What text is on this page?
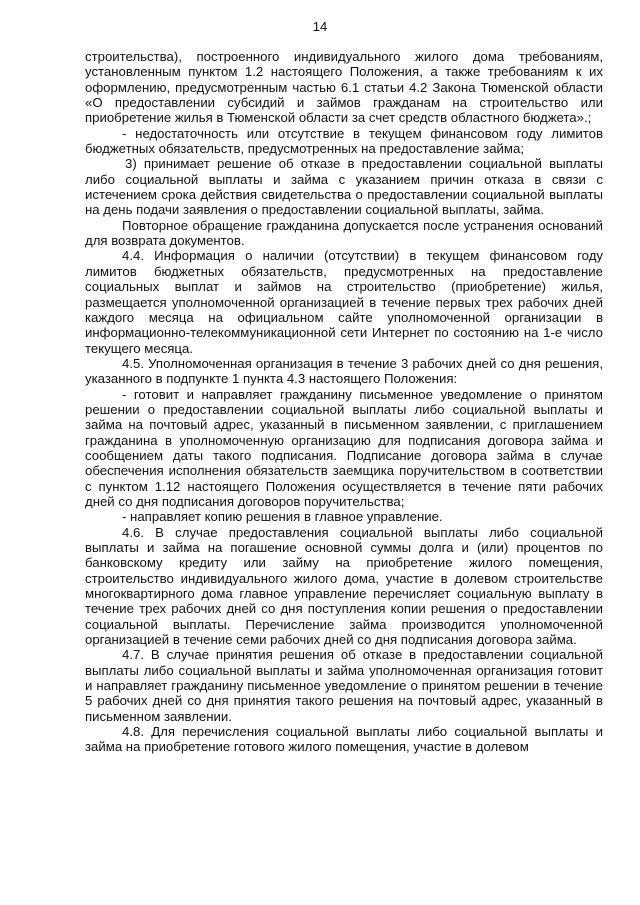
14

строительства), построенного индивидуального жилого дома требованиям, установленным пунктом 1.2 настоящего Положения, а также требованиям к их оформлению, предусмотренным частью 6.1 статьи 4.2 Закона Тюменской области «О предоставлении субсидий и займов гражданам на строительство или приобретение жилья в Тюменской области за счет средств областного бюджета».;

- недостаточность или отсутствие в текущем финансовом году лимитов бюджетных обязательств, предусмотренных на предоставление займа;

3) принимает решение об отказе в предоставлении социальной выплаты либо социальной выплаты и займа с указанием причин отказа в связи с истечением срока действия свидетельства о предоставлении социальной выплаты на день подачи заявления о предоставлении социальной выплаты, займа.

Повторное обращение гражданина допускается после устранения оснований для возврата документов.

4.4. Информация о наличии (отсутствии) в текущем финансовом году лимитов бюджетных обязательств, предусмотренных на предоставление социальных выплат и займов на строительство (приобретение) жилья, размещается уполномоченной организацией в течение первых трех рабочих дней каждого месяца на официальном сайте уполномоченной организации в информационно-телекоммуникационной сети Интернет по состоянию на 1-е число текущего месяца.

4.5. Уполномоченная организация в течение 3 рабочих дней со дня решения, указанного в подпункте 1 пункта 4.3 настоящего Положения:

- готовит и направляет гражданину письменное уведомление о принятом решении о предоставлении социальной выплаты либо социальной выплаты и займа на почтовый адрес, указанный в письменном заявлении, с приглашением гражданина в уполномоченную организацию для подписания договора займа и сообщением даты такого подписания. Подписание договора займа в случае обеспечения исполнения обязательств заемщика поручительством в соответствии с пунктом 1.12 настоящего Положения осуществляется в течение пяти рабочих дней со дня подписания договоров поручительства;

- направляет копию решения в главное управление.

4.6. В случае предоставления социальной выплаты либо социальной выплаты и займа на погашение основной суммы долга и (или) процентов по банковскому кредиту или займу на приобретение жилого помещения, строительство индивидуального жилого дома, участие в долевом строительстве многоквартирного дома главное управление перечисляет социальную выплату в течение трех рабочих дней со дня поступления копии решения о предоставлении социальной выплаты. Перечисление займа производится уполномоченной организацией в течение семи рабочих дней со дня подписания договора займа.

4.7. В случае принятия решения об отказе в предоставлении социальной выплаты либо социальной выплаты и займа уполномоченная организация готовит и направляет гражданину письменное уведомление о принятом решении в течение 5 рабочих дней со дня принятия такого решения на почтовый адрес, указанный в письменном заявлении.

4.8. Для перечисления социальной выплаты либо социальной выплаты и займа на приобретение готового жилого помещения, участие в долевом
